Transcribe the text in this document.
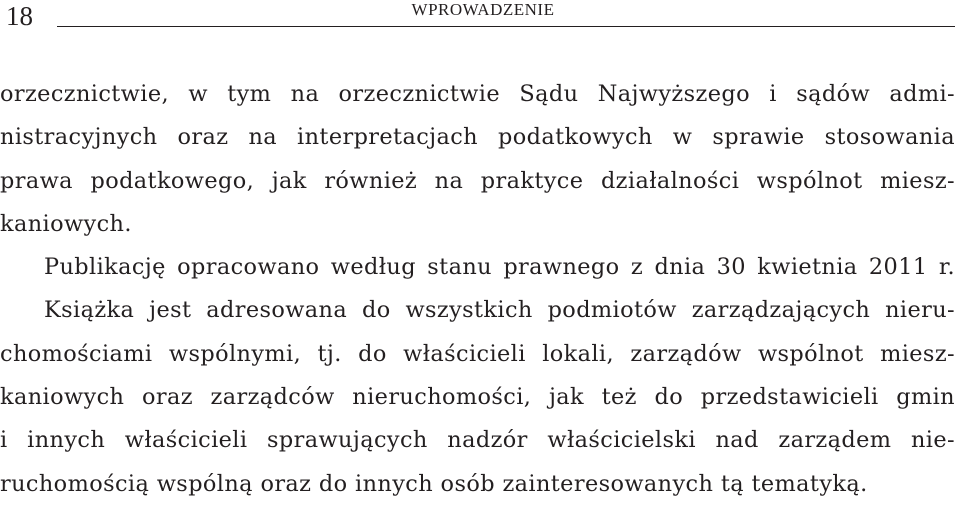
18	WPROWADZENIE
orzecznictwie, w tym na orzecznictwie Sądu Najwyższego i sądów admi-
nistracyjnych oraz na interpretacjach podatkowych w sprawie stosowania
prawa podatkowego, jak również na praktyce działalności wspólnot miesz-
kaniowych.
Publikację opracowano według stanu prawnego z dnia 30 kwietnia 2011 r.
Książka jest adresowana do wszystkich podmiotów zarządzających nieru-
chomościami wspólnymi, tj. do właścicieli lokali, zarządów wspólnot miesz-
kaniowych oraz zarządców nieruchomości, jak też do przedstawicieli gmin
i innych właścicieli sprawujących nadzór właścicielski nad zarządem nie-
ruchomością wspólną oraz do innych osób zainteresowanych tą tematyką.
